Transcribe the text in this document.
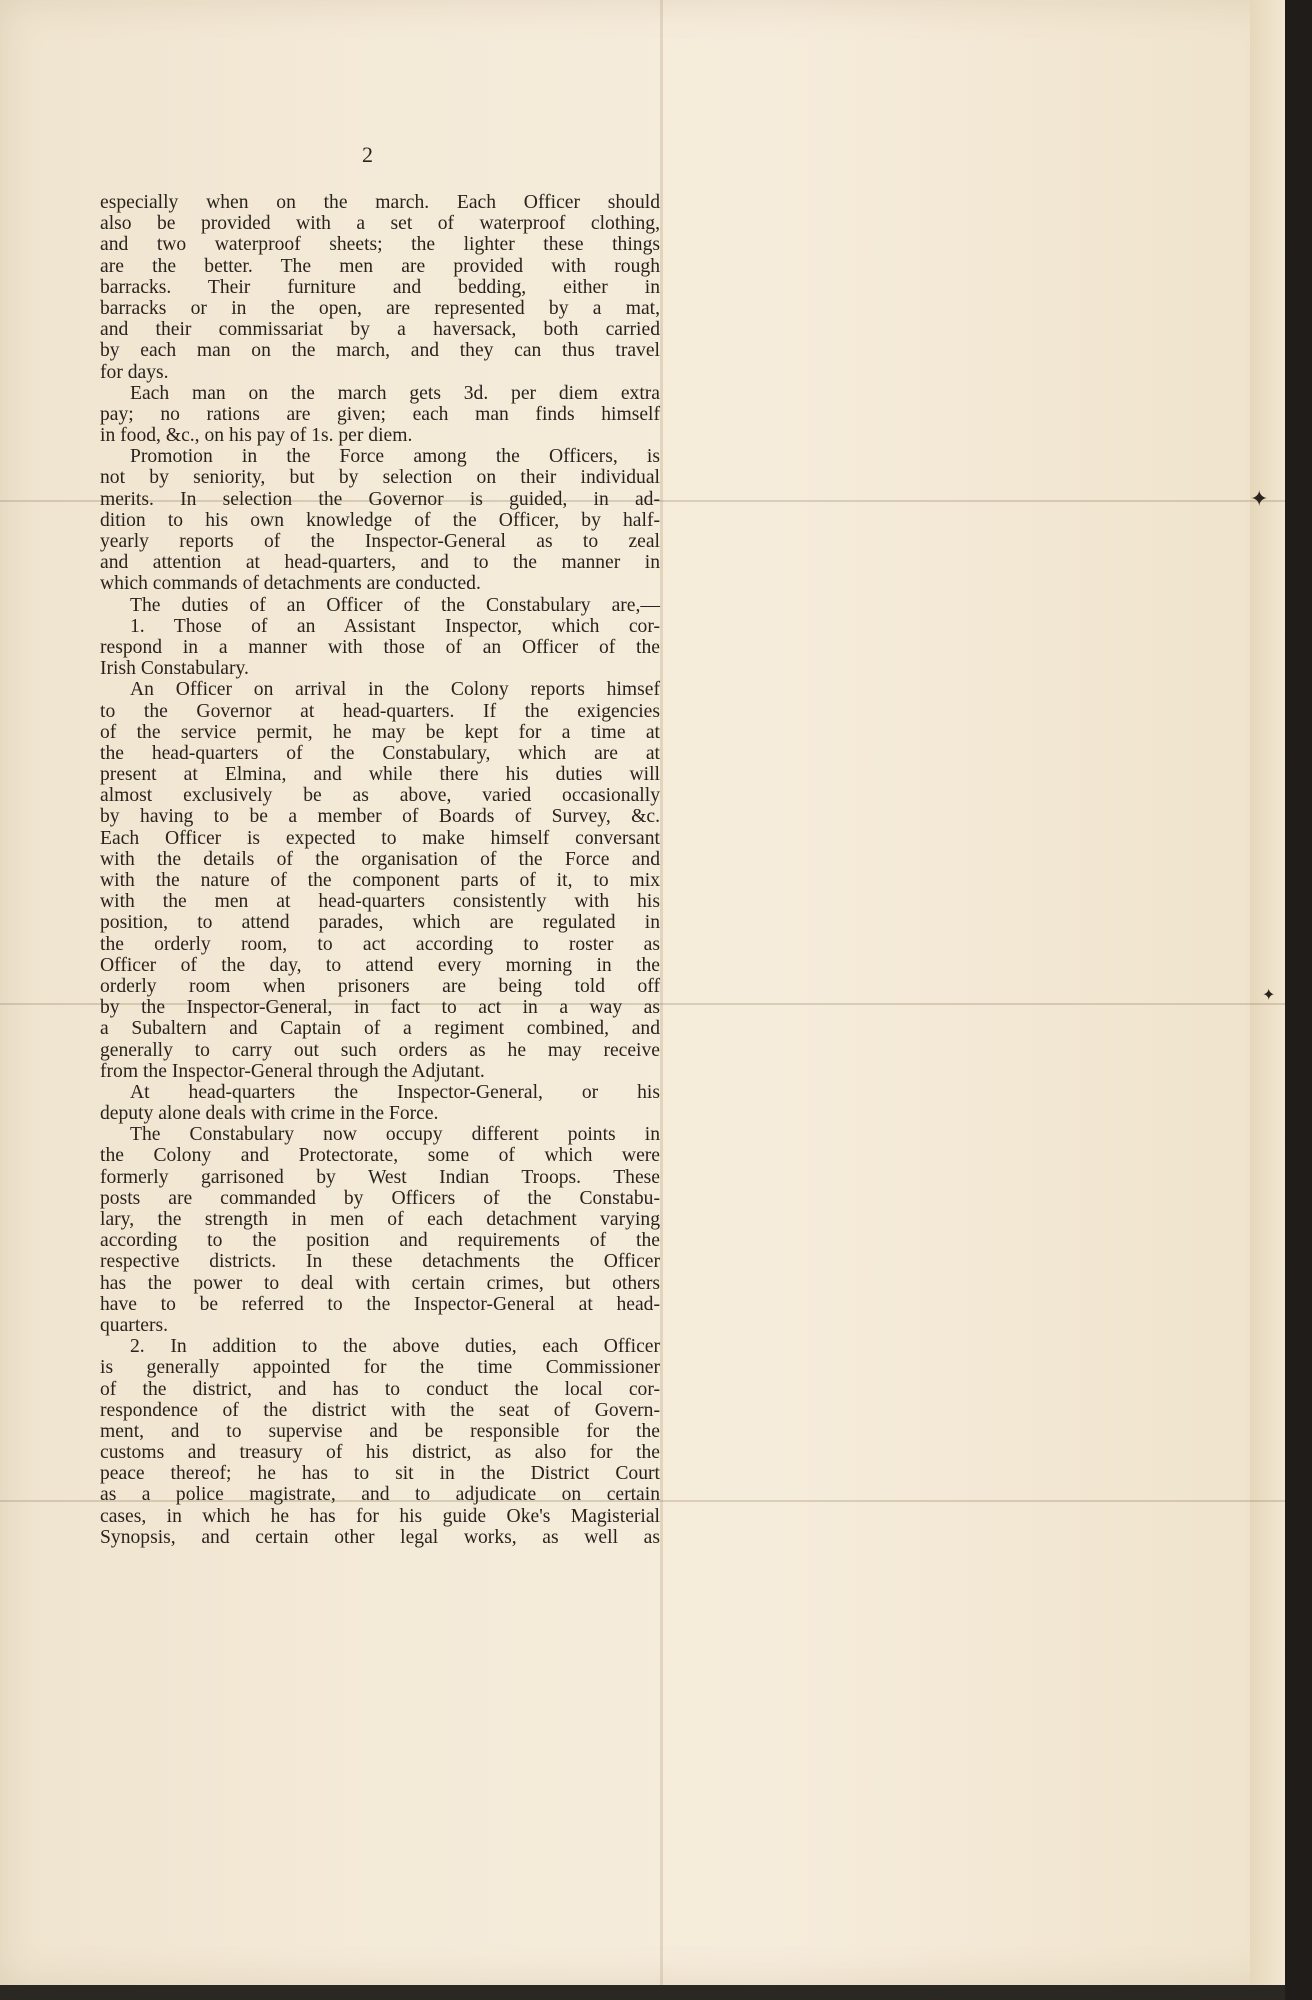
✦
✦
2
especially when on the march. Each Officer should
also be provided with a set of waterproof clothing,
and two waterproof sheets; the lighter these things
are the better. The men are provided with rough
barracks. Their furniture and bedding, either in
barracks or in the open, are represented by a mat,
and their commissariat by a haversack, both carried
by each man on the march, and they can thus travel
for days.
Each man on the march gets 3d. per diem extra
pay; no rations are given; each man finds himself
in food, &c., on his pay of 1s. per diem.
Promotion in the Force among the Officers, is
not by seniority, but by selection on their individual
merits. In selection the Governor is guided, in ad-
dition to his own knowledge of the Officer, by half-
yearly reports of the Inspector-General as to zeal
and attention at head-quarters, and to the manner in
which commands of detachments are conducted.
The duties of an Officer of the Constabulary are,—
1. Those of an Assistant Inspector, which cor-
respond in a manner with those of an Officer of the
Irish Constabulary.
An Officer on arrival in the Colony reports himsef
to the Governor at head-quarters. If the exigencies
of the service permit, he may be kept for a time at
the head-quarters of the Constabulary, which are at
present at Elmina, and while there his duties will
almost exclusively be as above, varied occasionally
by having to be a member of Boards of Survey, &c.
Each Officer is expected to make himself conversant
with the details of the organisation of the Force and
with the nature of the component parts of it, to mix
with the men at head-quarters consistently with his
position, to attend parades, which are regulated in
the orderly room, to act according to roster as
Officer of the day, to attend every morning in the
orderly room when prisoners are being told off
by the Inspector-General, in fact to act in a way as
a Subaltern and Captain of a regiment combined, and
generally to carry out such orders as he may receive
from the Inspector-General through the Adjutant.
At head-quarters the Inspector-General, or his
deputy alone deals with crime in the Force.
The Constabulary now occupy different points in
the Colony and Protectorate, some of which were
formerly garrisoned by West Indian Troops. These
posts are commanded by Officers of the Constabu-
lary, the strength in men of each detachment varying
according to the position and requirements of the
respective districts. In these detachments the Officer
has the power to deal with certain crimes, but others
have to be referred to the Inspector-General at head-
quarters.
2. In addition to the above duties, each Officer
is generally appointed for the time Commissioner
of the district, and has to conduct the local cor-
respondence of the district with the seat of Govern-
ment, and to supervise and be responsible for the
customs and treasury of his district, as also for the
peace thereof; he has to sit in the District Court
as a police magistrate, and to adjudicate on certain
cases, in which he has for his guide Oke's Magisterial
Synopsis, and certain other legal works, as well as
